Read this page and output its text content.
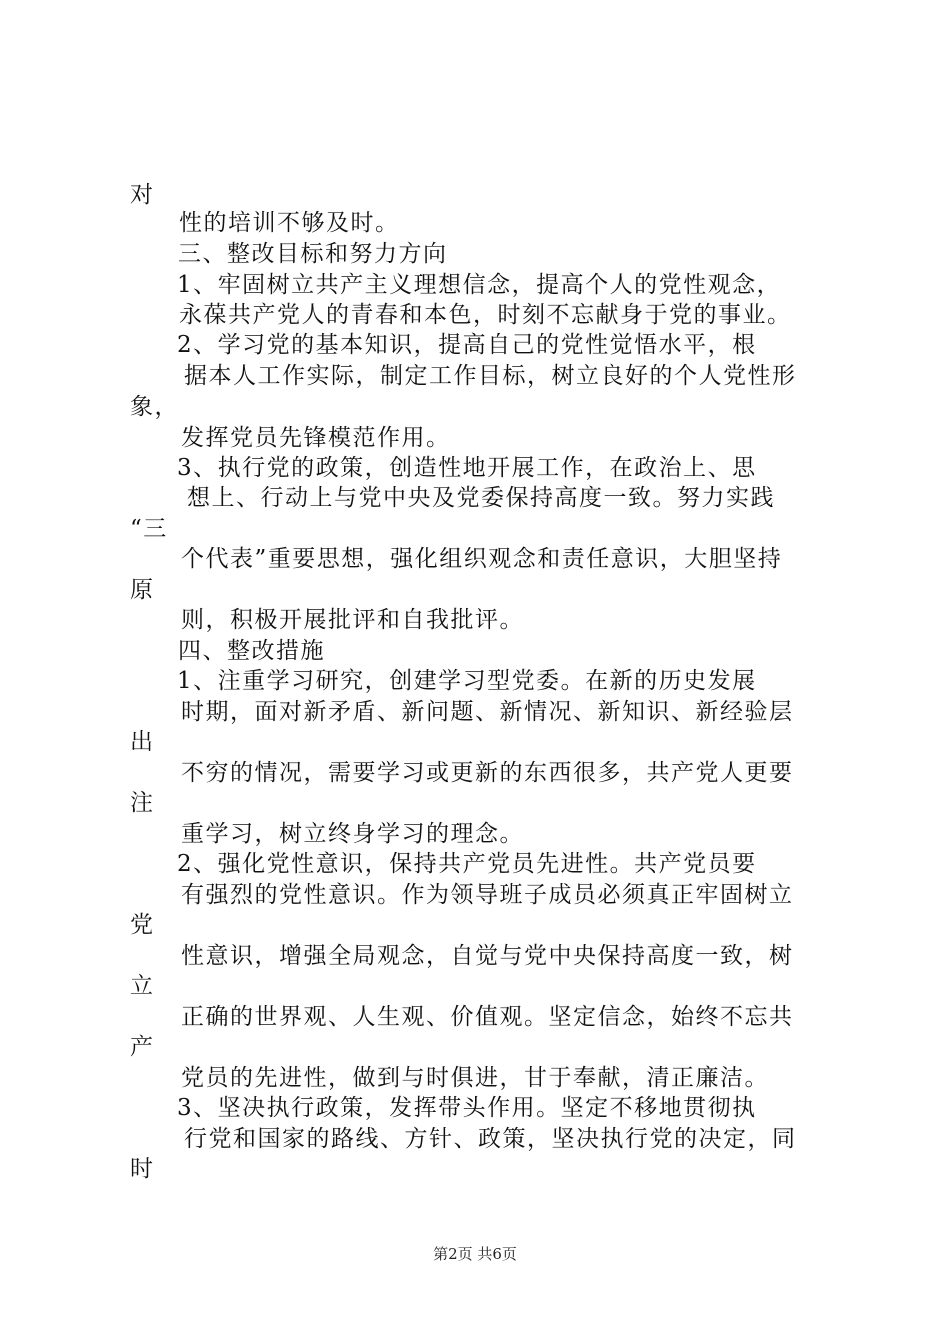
对
性的培训不够及时。
三、整改目标和努力方向
1、牢固树立共产主义理想信念，提高个人的党性观念，
永葆共产党人的青春和本色，时刻不忘献身于党的事业。
2、学习党的基本知识，提高自己的党性觉悟水平，根
据本人工作实际，制定工作目标，树立良好的个人党性形
象，
发挥党员先锋模范作用。
3、执行党的政策，创造性地开展工作，在政治上、思
想上、行动上与党中央及党委保持高度一致。努力实践
“三
个代表”重要思想，强化组织观念和责任意识，大胆坚持
原
则，积极开展批评和自我批评。
四、整改措施
1、注重学习研究，创建学习型党委。在新的历史发展
时期，面对新矛盾、新问题、新情况、新知识、新经验层
出
不穷的情况，需要学习或更新的东西很多，共产党人更要
注
重学习，树立终身学习的理念。
2、强化党性意识，保持共产党员先进性。共产党员要
有强烈的党性意识。作为领导班子成员必须真正牢固树立
党
性意识，增强全局观念，自觉与党中央保持高度一致，树
立
正确的世界观、人生观、价值观。坚定信念，始终不忘共
产
党员的先进性，做到与时俱进，甘于奉献，清正廉洁。
3、坚决执行政策，发挥带头作用。坚定不移地贯彻执
行党和国家的路线、方针、政策，坚决执行党的决定，同
时
第2页 共6页
